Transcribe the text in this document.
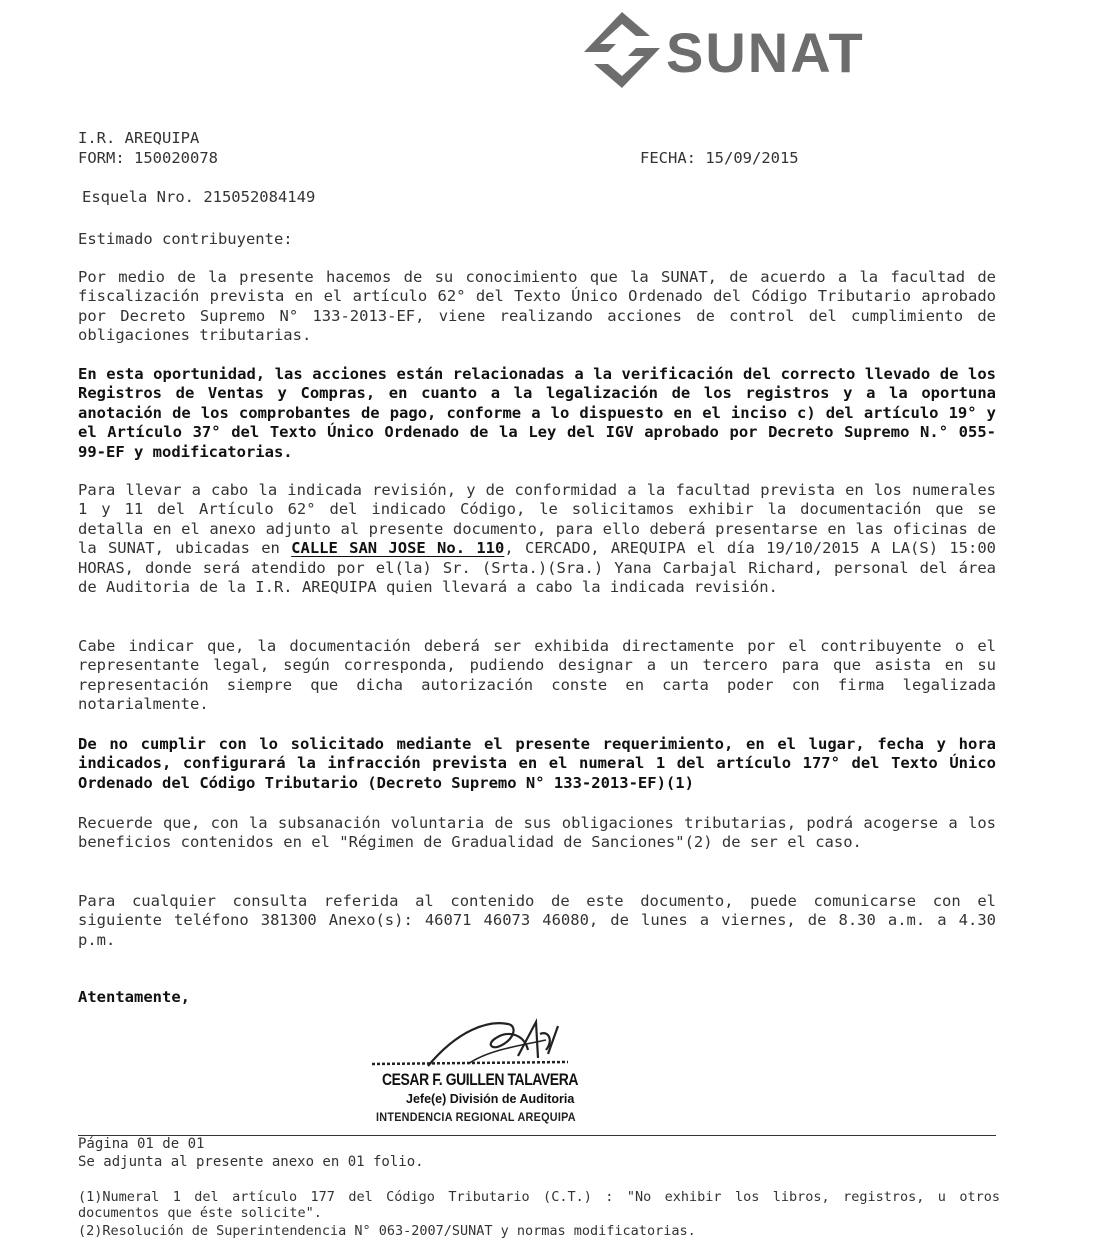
SUNAT
I.R. AREQUIPA
FORM: 150020078	FECHA: 15/09/2015
Esquela Nro. 215052084149
Estimado contribuyente:
Por medio de la presente hacemos de su conocimiento que la SUNAT, de acuerdo a la facultad de fiscalización prevista en el artículo 62° del Texto Único Ordenado del Código Tributario aprobado por Decreto Supremo N° 133-2013-EF, viene realizando acciones de control del cumplimiento de obligaciones tributarias.
En esta oportunidad, las acciones están relacionadas a la verificación del correcto llevado de los Registros de Ventas y Compras, en cuanto a la legalización de los registros y a la oportuna anotación de los comprobantes de pago, conforme a lo dispuesto en el inciso c) del artículo 19° y el Artículo 37° del Texto Único Ordenado de la Ley del IGV aprobado por Decreto Supremo N.° 055-99-EF y modificatorias.
Para llevar a cabo la indicada revisión, y de conformidad a la facultad prevista en los numerales 1 y 11 del Artículo 62° del indicado Código, le solicitamos exhibir la documentación que se detalla en el anexo adjunto al presente documento, para ello deberá presentarse en las oficinas de la SUNAT, ubicadas en CALLE SAN JOSE No. 110, CERCADO, AREQUIPA el día 19/10/2015 A LA(S) 15:00 HORAS, donde será atendido por el(la) Sr. (Srta.)(Sra.) Yana Carbajal Richard, personal del área de Auditoria de la I.R. AREQUIPA quien llevará a cabo la indicada revisión.
Cabe indicar que, la documentación deberá ser exhibida directamente por el contribuyente o el representante legal, según corresponda, pudiendo designar a un tercero para que asista en su representación siempre que dicha autorización conste en carta poder con firma legalizada notarialmente.
De no cumplir con lo solicitado mediante el presente requerimiento, en el lugar, fecha y hora indicados, configurará la infracción prevista en el numeral 1 del artículo 177° del Texto Único Ordenado del Código Tributario (Decreto Supremo N° 133-2013-EF)(1)
Recuerde que, con la subsanación voluntaria de sus obligaciones tributarias, podrá acogerse a los beneficios contenidos en el "Régimen de Gradualidad de Sanciones"(2) de ser el caso.
Para cualquier consulta referida al contenido de este documento, puede comunicarse con el siguiente teléfono 381300 Anexo(s): 46071 46073 46080, de lunes a viernes, de 8.30 a.m. a 4.30 p.m.
Atentamente,
CESAR F. GUILLEN TALAVERA
Jefe(e) División de Auditoria
INTENDENCIA REGIONAL AREQUIPA
Página 01 de 01
Se adjunta al presente anexo en 01 folio.
(1)Numeral 1 del artículo 177 del Código Tributario (C.T.) : "No exhibir los libros, registros, u otros documentos que éste solicite".
(2)Resolución de Superintendencia N° 063-2007/SUNAT y normas modificatorias.
